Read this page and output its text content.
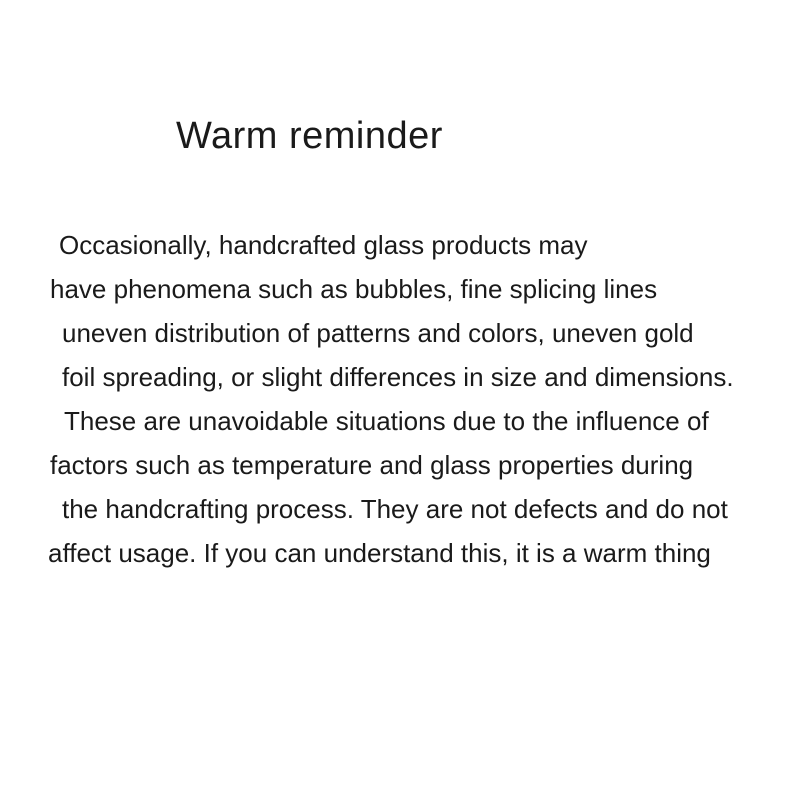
Warm reminder
Occasionally, handcrafted glass products may
have phenomena such as bubbles, fine splicing lines
uneven distribution of patterns and colors, uneven gold
foil spreading, or slight differences in size and dimensions.
These are unavoidable situations due to the influence of
factors such as temperature and glass properties during
the handcrafting process. They are not defects and do not
affect usage. If you can understand this, it is a warm thing
